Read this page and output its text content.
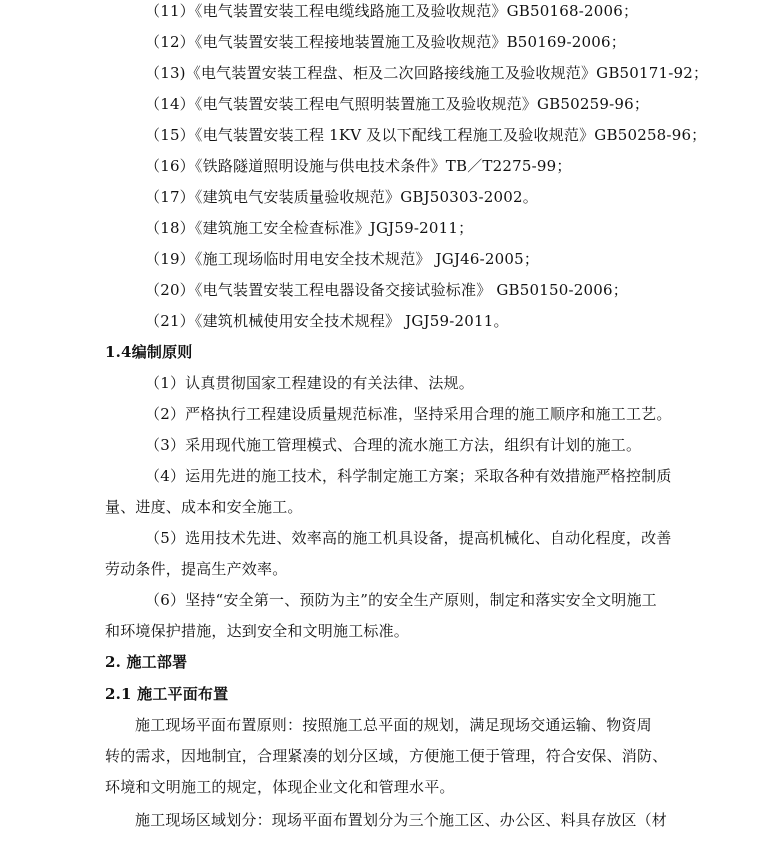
（11）《电气装置安装工程电缆线路施工及验收规范》GB50168-2006；
（12）《电气装置安装工程接地装置施工及验收规范》B50169-2006；
（13)《电气装置安装工程盘、柜及二次回路接线施工及验收规范》GB50171-92；
（14）《电气装置安装工程电气照明装置施工及验收规范》GB50259-96；
（15）《电气装置安装工程 1KV 及以下配线工程施工及验收规范》GB50258-96；
（16）《铁路隧道照明设施与供电技术条件》TB／T2275-99；
（17）《建筑电气安装质量验收规范》GBJ50303-2002。
（18）《建筑施工安全检查标准》JGJ59-2011；
（19）《施工现场临时用电安全技术规范》 JGJ46-2005；
（20）《电气装置安装工程电器设备交接试验标准》 GB50150-2006；
（21）《建筑机械使用安全技术规程》 JGJ59-2011。
1.4编制原则
（1）认真贯彻国家工程建设的有关法律、法规。
（2）严格执行工程建设质量规范标准，坚持采用合理的施工顺序和施工工艺。
（3）采用现代施工管理模式、合理的流水施工方法，组织有计划的施工。
（4）运用先进的施工技术，科学制定施工方案；采取各种有效措施严格控制质
量、进度、成本和安全施工。
（5）选用技术先进、效率高的施工机具设备，提高机械化、自动化程度，改善
劳动条件，提高生产效率。
（6）坚持“安全第一、预防为主”的安全生产原则，制定和落实安全文明施工
和环境保护措施，达到安全和文明施工标准。
2. 施工部署
2.1 施工平面布置
施工现场平面布置原则：按照施工总平面的规划，满足现场交通运输、物资周
转的需求，因地制宜，合理紧凑的划分区域，方便施工便于管理，符合安保、消防、
环境和文明施工的规定，体现企业文化和管理水平。
施工现场区域划分：现场平面布置划分为三个施工区、办公区、料具存放区（材
